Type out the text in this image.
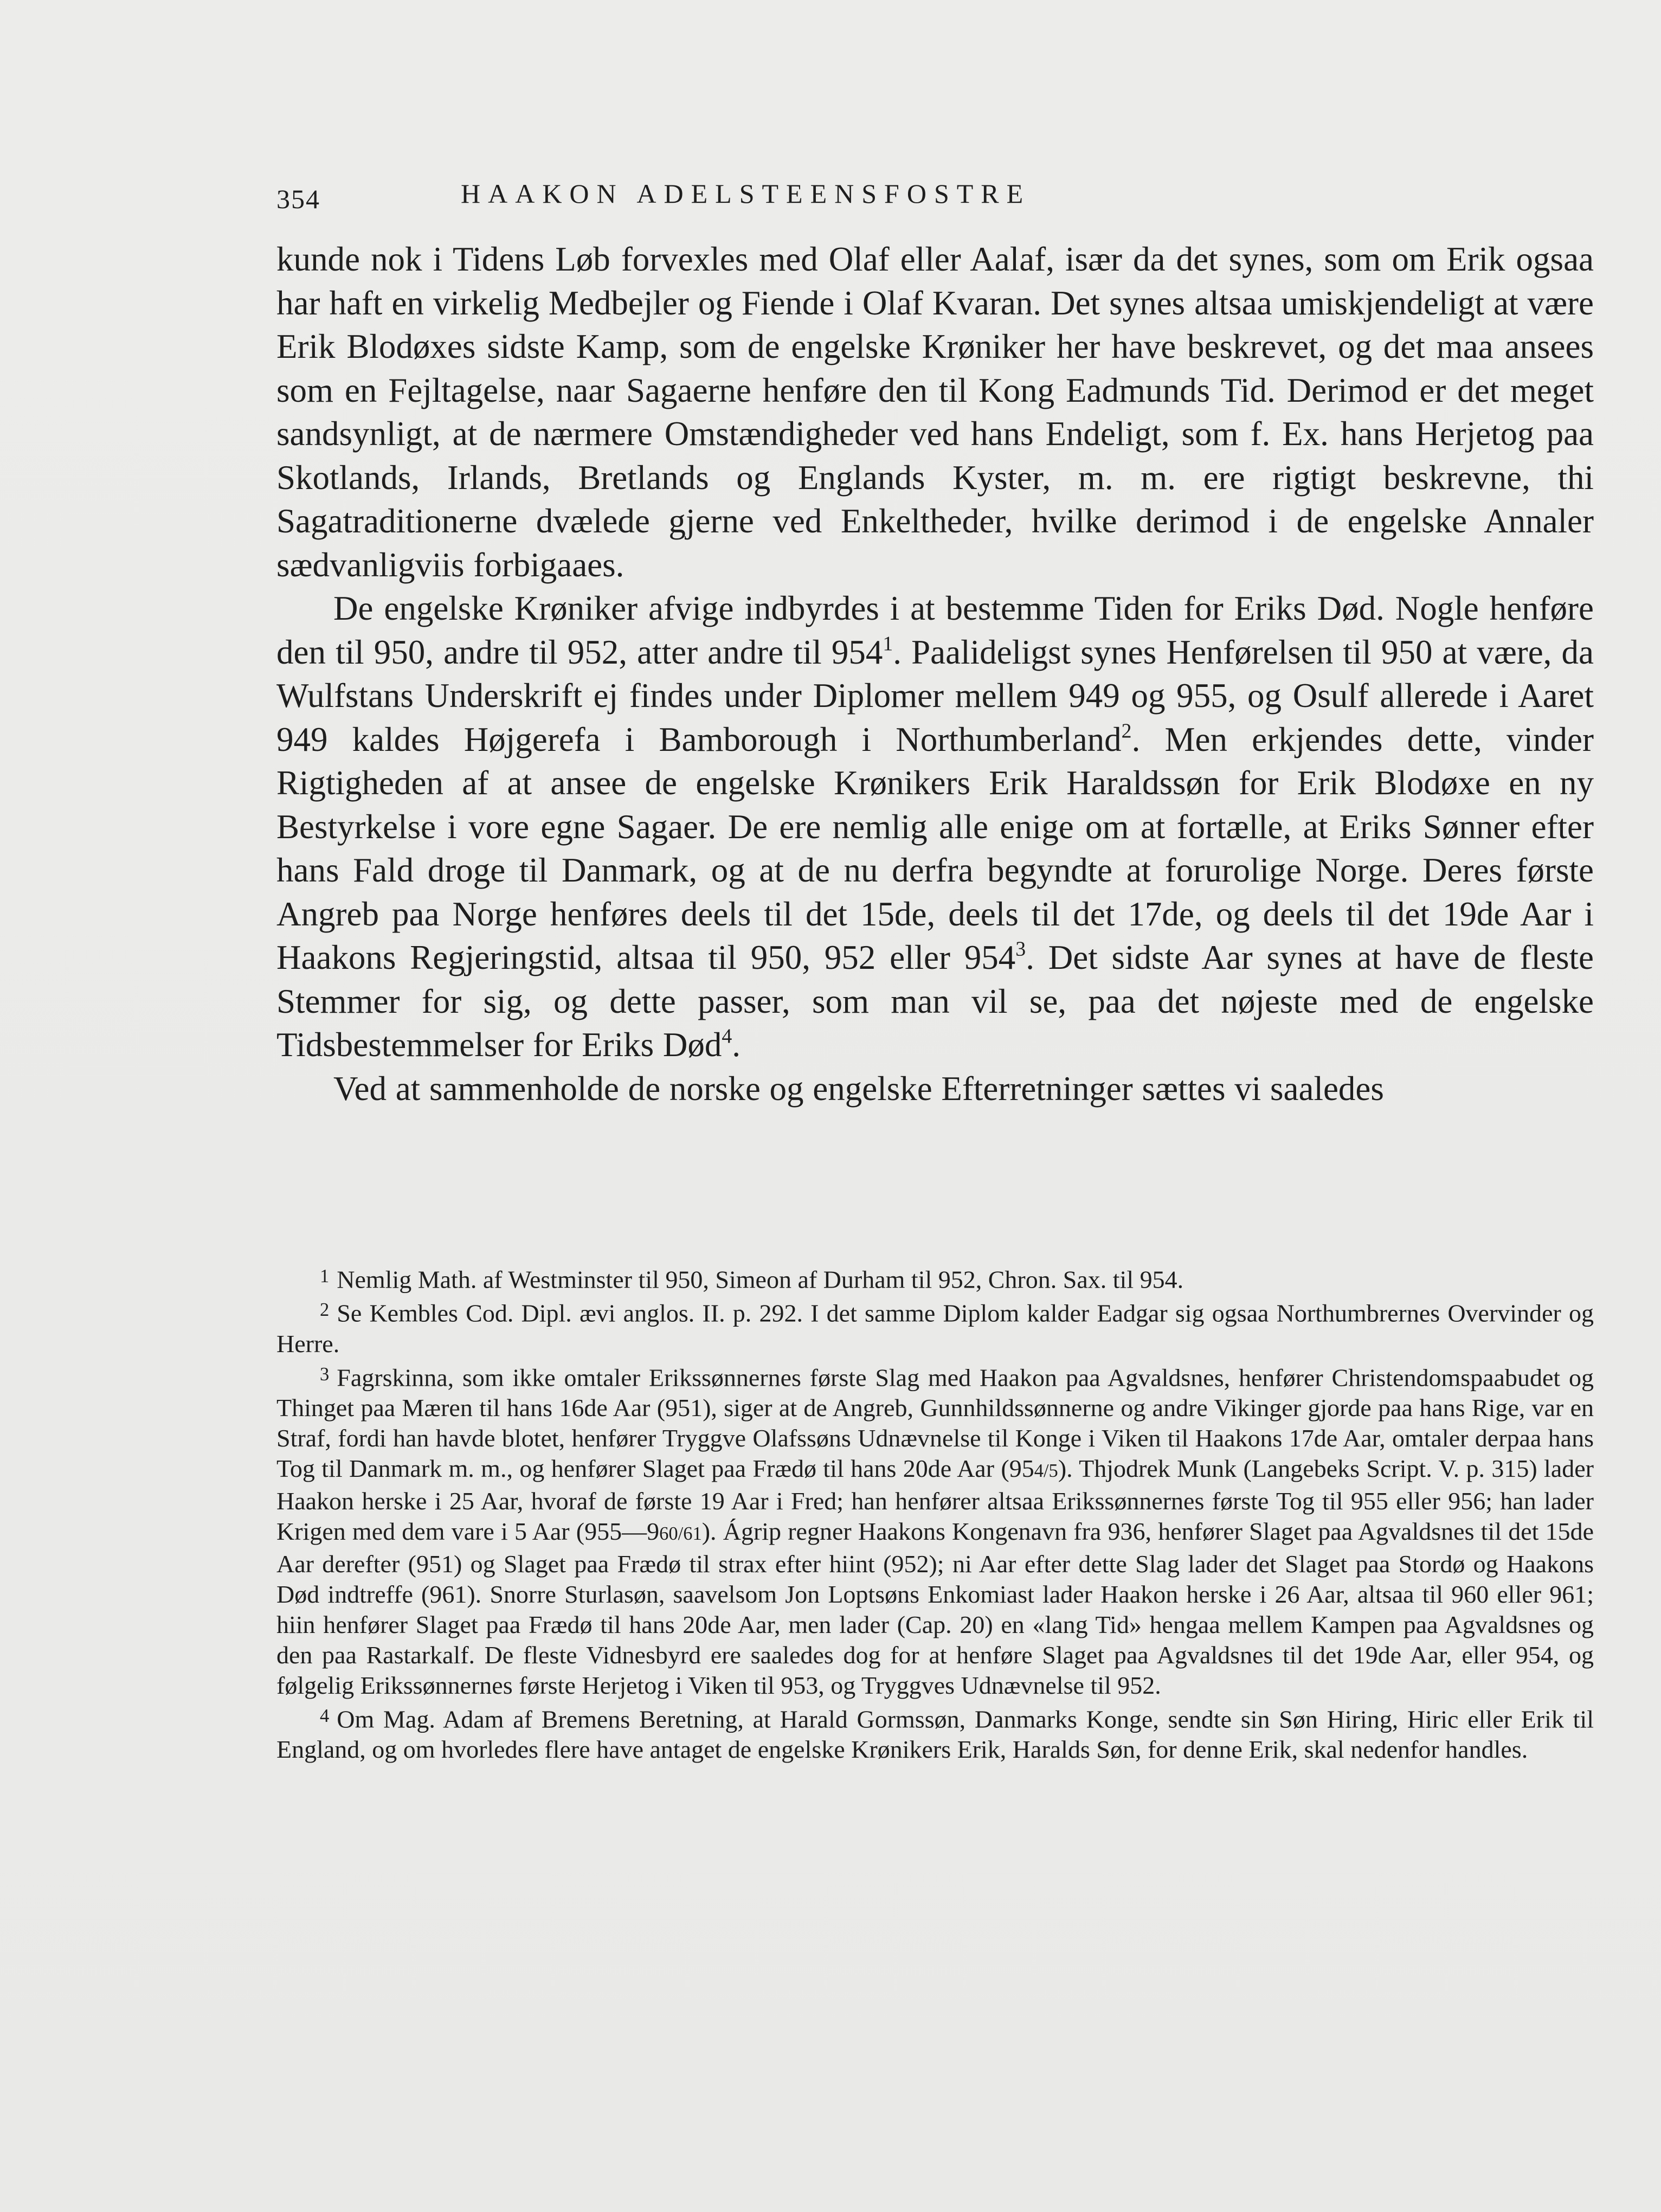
354	HAAKON ADELSTEENSFOSTRE

kunde nok i Tidens Løb forvexles med Olaf eller Aalaf, især da det synes, som om Erik ogsaa har haft en virkelig Medbejler og Fiende i Olaf Kvaran. Det synes altsaa umiskjendeligt at være Erik Blodøxes sidste Kamp, som de engelske Krøniker her have beskrevet, og det maa ansees som en Fejltagelse, naar Sagaerne henføre den til Kong Eadmunds Tid. Derimod er det meget sandsynligt, at de nærmere Omstændigheder ved hans Endeligt, som f. Ex. hans Herjetog paa Skotlands, Irlands, Bretlands og Englands Kyster, m. m. ere rigtigt beskrevne, thi Sagatraditionerne dvælede gjerne ved Enkeltheder, hvilke derimod i de engelske Annaler sædvanligviis forbigaaes.

De engelske Krøniker afvige indbyrdes i at bestemme Tiden for Eriks Død. Nogle henføre den til 950, andre til 952, atter andre til $954^1$. Paalideligst synes Henførelsen til 950 at være, da Wulfstans Underskrift ej findes under Diplomer mellem 949 og 955, og Osulf allerede i Aaret 949 kaldes Højgerefa i Bamborough i Northumberland$^2$. Men erkjendes dette, vinder Rigtigheden af at ansee de engelske Krønikers Erik Haraldssøn for Erik Blodøxe en ny Bestyrkelse i vore egne Sagaer. De ere nemlig alle enige om at fortælle, at Eriks Sønner efter hans Fald droge til Danmark, og at de nu derfra begyndte at forurolige Norge. Deres første Angreb paa Norge henføres deels til det 15de, deels til det 17de, og deels til det 19de Aar i Haakons Regjeringstid, altsaa til 950, 952 eller $954^3$. Det sidste Aar synes at have de fleste Stemmer for sig, og dette passer, som man vil se, paa det nøjeste med de engelske Tidsbestemmelser for Eriks Død$^4$.

Ved at sammenholde de norske og engelske Efterretninger sættes vi saaledes

$^1$ Nemlig Math. af Westminster til 950, Simeon af Durham til 952, Chron. Sax. til 954.

$^2$ Se Kembles Cod. Dipl. ævi anglos. II. p. 292. I det samme Diplom kalder Eadgar sig ogsaa Northumbrernes Overvinder og Herre.

$^3$ Fagrskinna, som ikke omtaler Erikssønnernes første Slag med Haakon paa Agvaldsnes, henfører Christendomspaabudet og Thinget paa Mæren til hans 16de Aar (951), siger at de Angreb, Gunnhildssønnerne og andre Vikinger gjorde paa hans Rige, var en Straf, fordi han havde blotet, henfører Tryggve Olafssøns Udnævnelse til Konge i Viken til Haakons 17de Aar, omtaler derpaa hans Tog til Danmark m. m., og henfører Slaget paa Frædø til hans 20de Aar (954/5). Thjodrek Munk (Langebeks Script. V. p. 315) lader Haakon herske i 25 Aar, hvoraf de første 19 Aar i Fred; han henfører altsaa Erikssønnernes første Tog til 955 eller 956; han lader Krigen med dem vare i 5 Aar (955—960/61). Ágrip regner Haakons Kongenavn fra 936, henfører Slaget paa Agvaldsnes til det 15de Aar derefter (951) og Slaget paa Frædø til strax efter hiint (952); ni Aar efter dette Slag lader det Slaget paa Stordø og Haakons Død indtreffe (961). Snorre Sturlasøn, saavelsom Jon Loptsøns Enkomiast lader Haakon herske i 26 Aar, altsaa til 960 eller 961; hiin henfører Slaget paa Frædø til hans 20de Aar, men lader (Cap. 20) en «lang Tid» hengaa mellem Kampen paa Agvaldsnes og den paa Rastarkalf. De fleste Vidnesbyrd ere saaledes dog for at henføre Slaget paa Agvaldsnes til det 19de Aar, eller 954, og følgelig Erikssønnernes første Herjetog i Viken til 953, og Tryggves Udnævnelse til 952.

$^4$ Om Mag. Adam af Bremens Beretning, at Harald Gormssøn, Danmarks Konge, sendte sin Søn Hiring, Hiric eller Erik til England, og om hvorledes flere have antaget de engelske Krønikers Erik, Haralds Søn, for denne Erik, skal nedenfor handles.
